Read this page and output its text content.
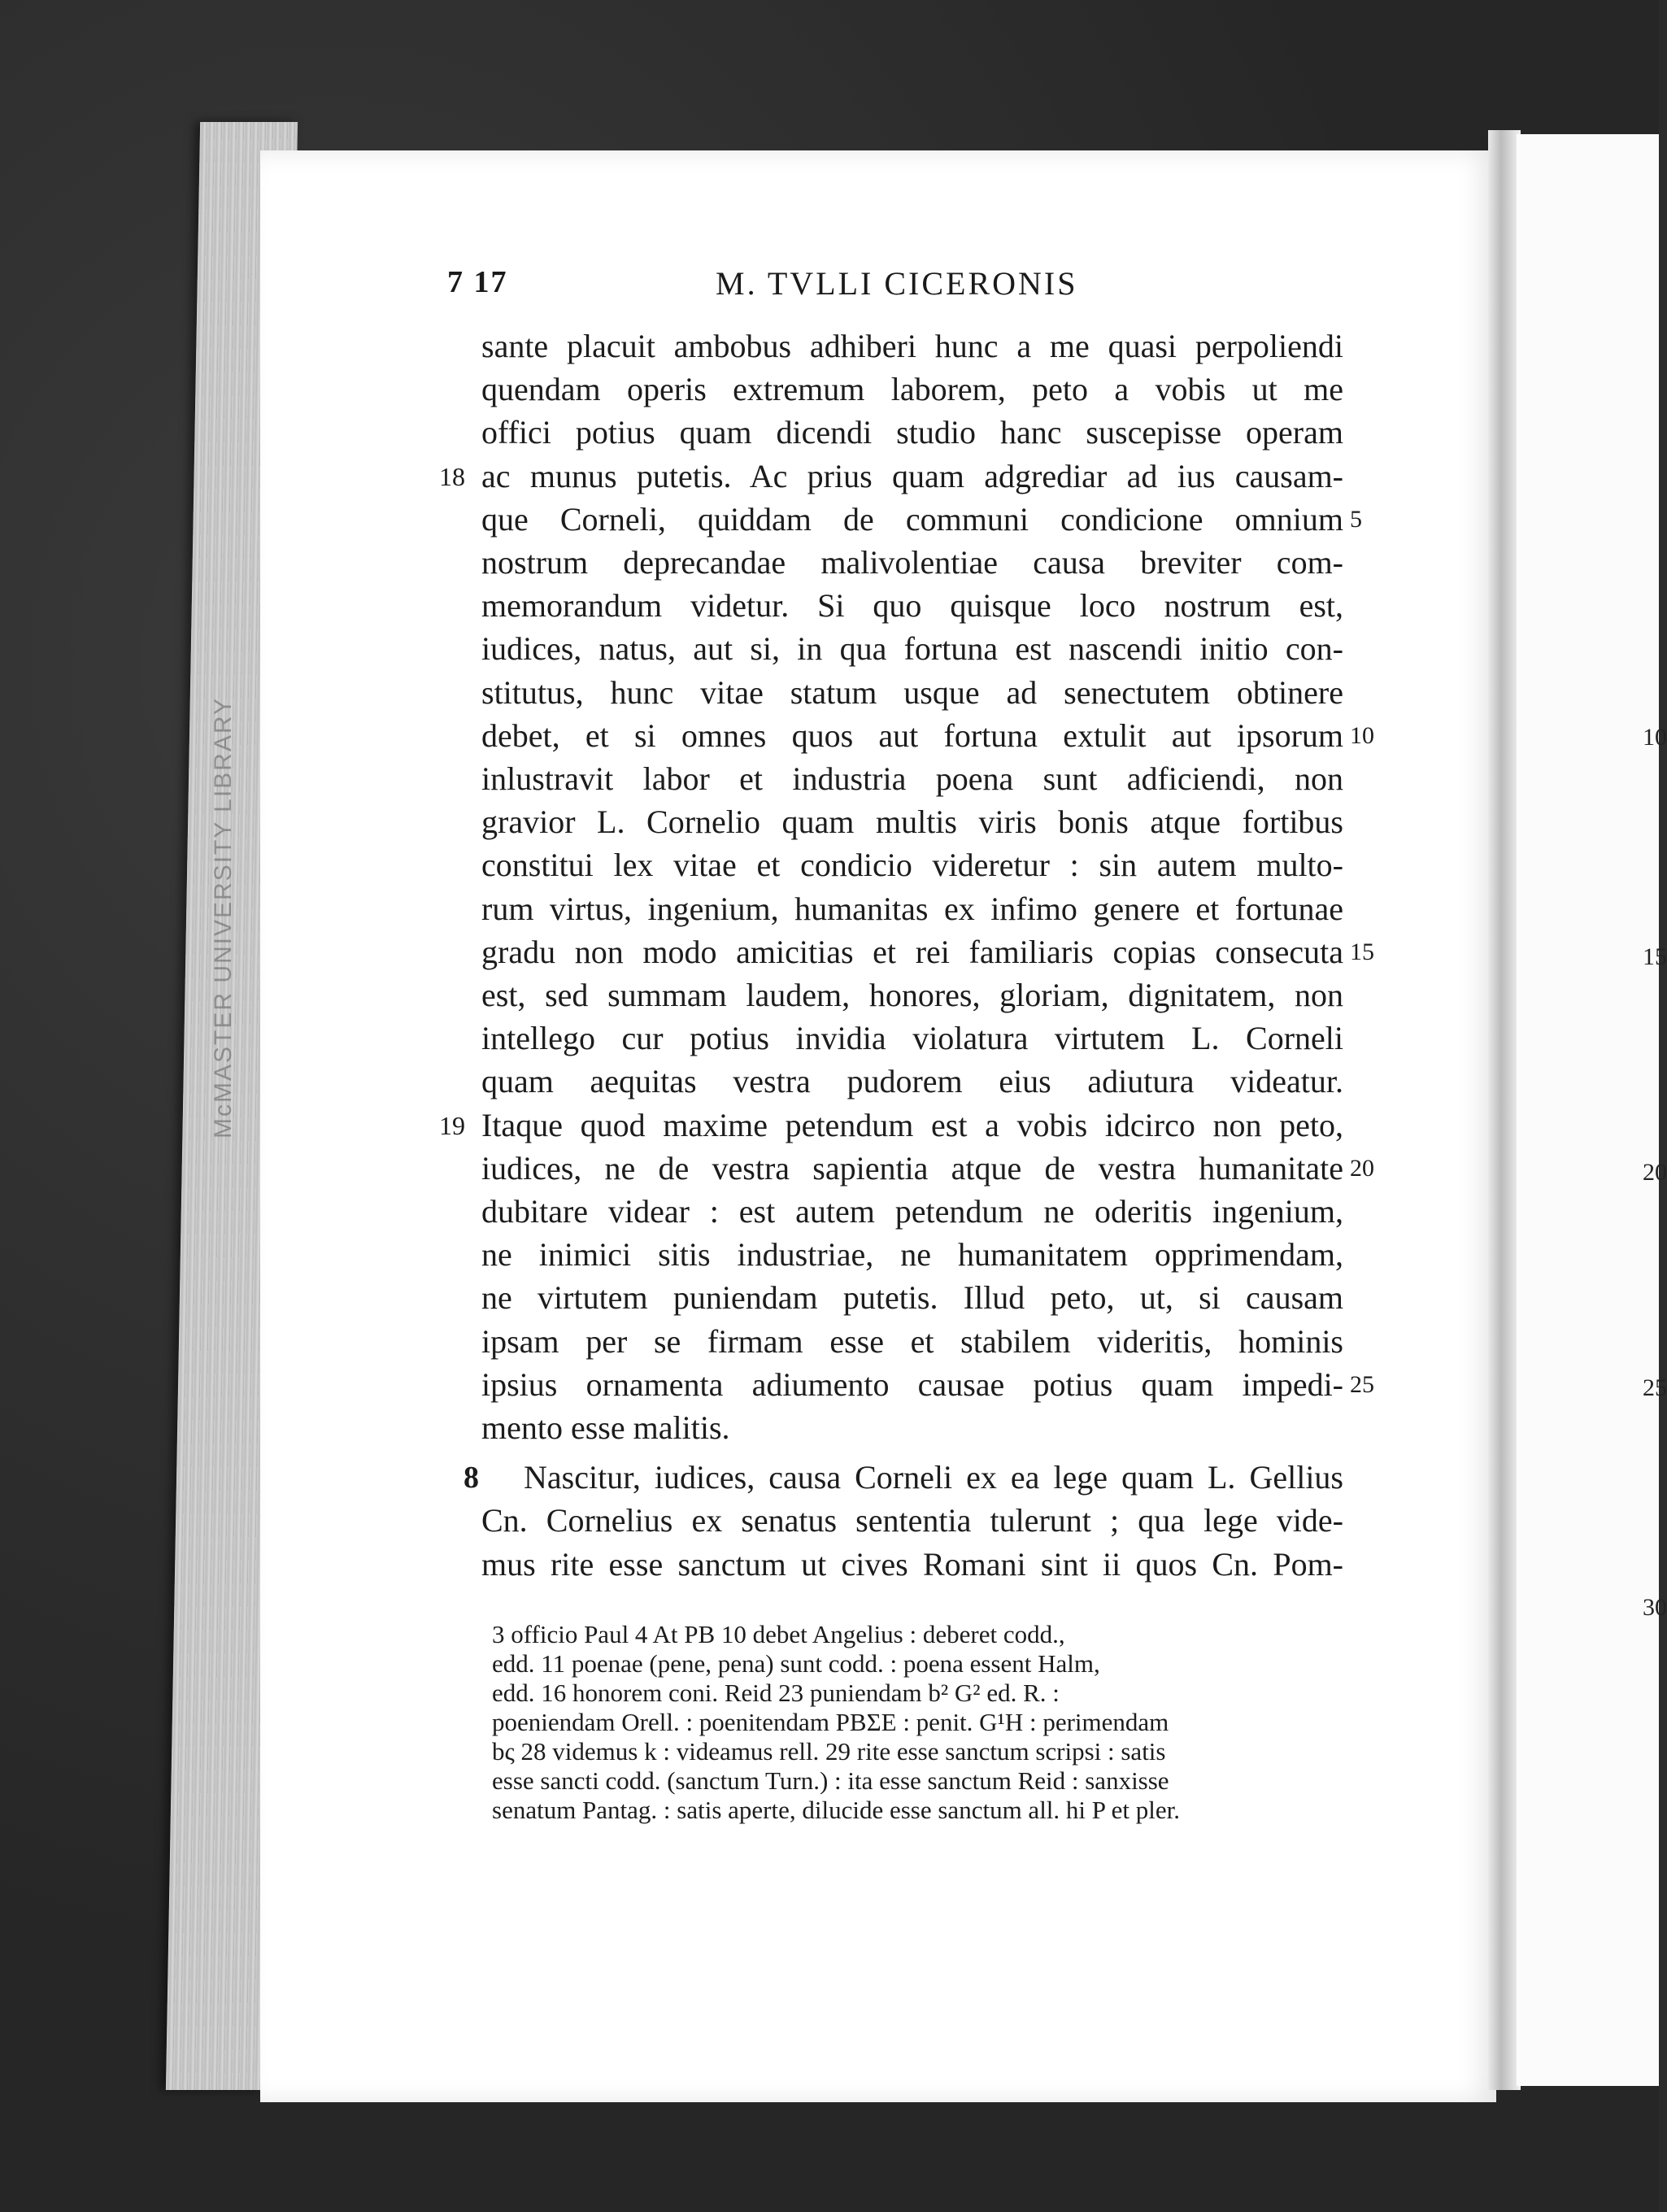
McMASTER UNIVERSITY LIBRARY	10
15
20
25
30
7 17	M. TVLLI CICERONIS
sante placuit ambobus adhiberi hunc a me quasi perpoliendi
quendam operis extremum laborem, peto a vobis ut me
offici potius quam dicendi studio hanc suscepisse operam
ac munus putetis. Ac prius quam adgrediar ad ius causam-
18
que Corneli, quiddam de communi condicione omnium 5
nostrum deprecandae malivolentiae causa breviter com-
memorandum videtur. Si quo quisque loco nostrum est,
iudices, natus, aut si, in qua fortuna est nascendi initio con-
stitutus, hunc vitae statum usque ad senectutem obtinere
debet, et si omnes quos aut fortuna extulit aut ipsorum 10
inlustravit labor et industria poena sunt adficiendi, non
gravior L. Cornelio quam multis viris bonis atque fortibus
constitui lex vitae et condicio videretur : sin autem multo-
rum virtus, ingenium, humanitas ex infimo genere et fortunae
gradu non modo amicitias et rei familiaris copias consecuta 15
est, sed summam laudem, honores, gloriam, dignitatem, non
intellego cur potius invidia violatura virtutem L. Corneli
quam aequitas vestra pudorem eius adiutura videatur.
Itaque quod maxime petendum est a vobis idcirco non peto,
19
iudices, ne de vestra sapientia atque de vestra humanitate 20
dubitare videar : est autem petendum ne oderitis ingenium,
ne inimici sitis industriae, ne humanitatem opprimendam,
ne virtutem puniendam putetis. Illud peto, ut, si causam
ipsam per se firmam esse et stabilem videritis, hominis
ipsius ornamenta adiumento causae potius quam impedi- 25
mento esse malitis.
8 Nascitur, iudices, causa Corneli ex ea lege quam L. Gellius
Cn. Cornelius ex senatus sententia tulerunt ; qua lege vide-
mus rite esse sanctum ut cives Romani sint ii quos Cn. Pom-
3 officio Paul 4 At PB 10 debet Angelius : deberet codd.,
edd. 11 poenae (pene, pena) sunt codd. : poena essent Halm,
edd. 16 honorem coni. Reid 23 puniendam b² G² ed. R. :
poeniendam Orell. : poenitendam PBΣE : penit. G¹H : perimendam
bς 28 videmus k : videamus rell. 29 rite esse sanctum scripsi : satis
esse sancti codd. (sanctum Turn.) : ita esse sanctum Reid : sanxisse
senatum Pantag. : satis aperte, dilucide esse sanctum all. hi P et pler.
